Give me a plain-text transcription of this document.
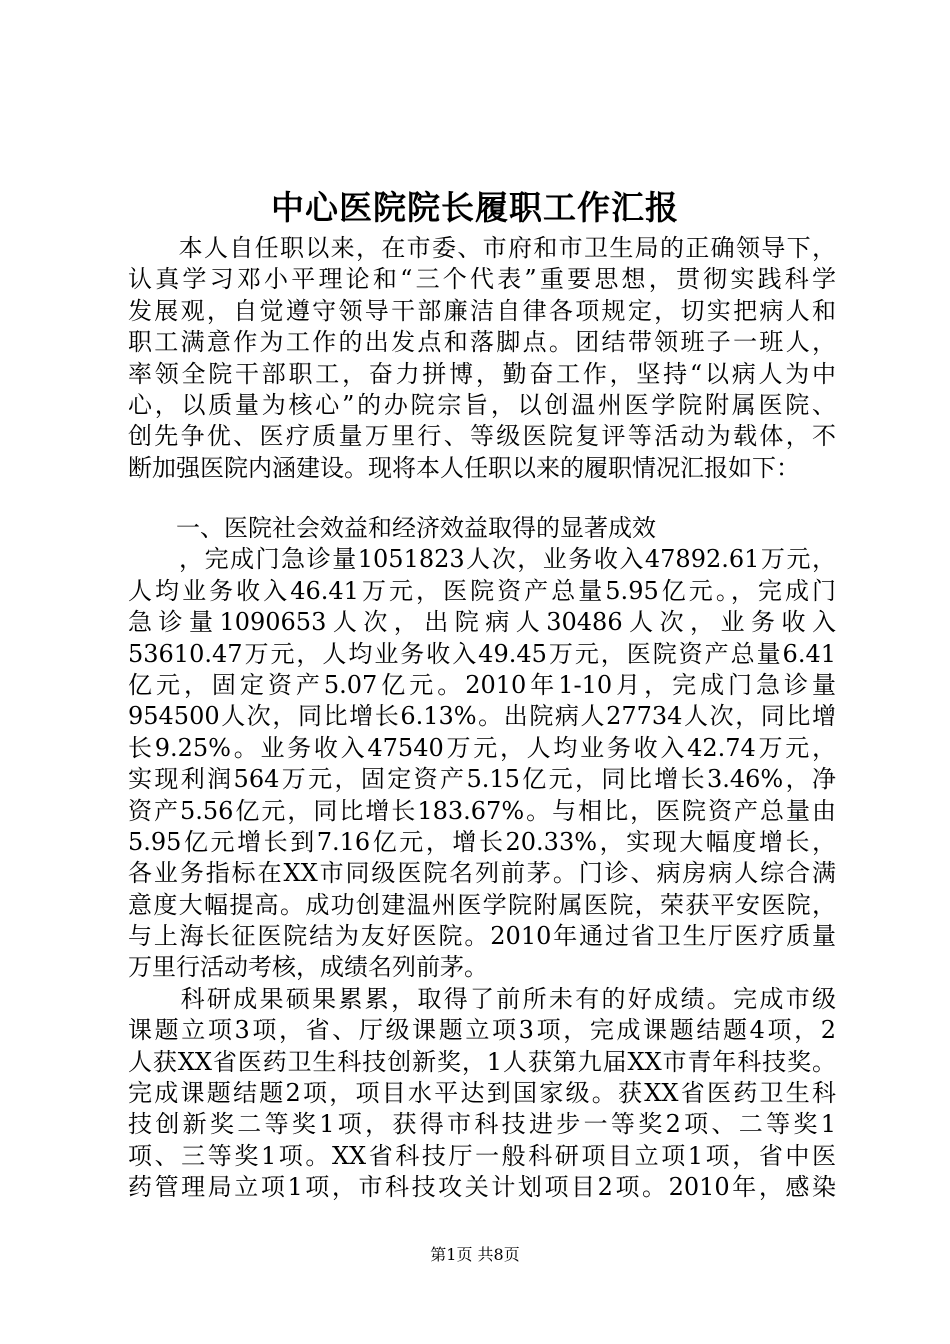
中心医院院长履职工作汇报
　　本人自任职以来，在市委、市府和市卫生局的正确领导下，
认真学习邓小平理论和“三个代表”重要思想，贯彻实践科学
发展观，自觉遵守领导干部廉洁自律各项规定，切实把病人和
职工满意作为工作的出发点和落脚点。团结带领班子一班人，
率领全院干部职工，奋力拼博，勤奋工作，坚持“以病人为中
心，以质量为核心”的办院宗旨，以创温州医学院附属医院、
创先争优、医疗质量万里行、等级医院复评等活动为载体，不
断加强医院内涵建设。现将本人任职以来的履职情况汇报如下：
　　一、医院社会效益和经济效益取得的显著成效
　　，完成门急诊量1051823人次，业务收入47892.61万元，
人均业务收入46.41万元，医院资产总量5.95亿元。，完成门
急诊量1090653人次，出院病人30486人次，业务收入
53610.47万元，人均业务收入49.45万元，医院资产总量6.41
亿元，固定资产5.07亿元。2010年1-10月，完成门急诊量
954500人次，同比增长6.13%。出院病人27734人次，同比增
长9.25%。业务收入47540万元，人均业务收入42.74万元，
实现利润564万元，固定资产5.15亿元，同比增长3.46%，净
资产5.56亿元，同比增长183.67%。与相比，医院资产总量由
5.95亿元增长到7.16亿元，增长20.33%，实现大幅度增长，
各业务指标在XX市同级医院名列前茅。门诊、病房病人综合满
意度大幅提高。成功创建温州医学院附属医院，荣获平安医院，
与上海长征医院结为友好医院。2010年通过省卫生厅医疗质量
万里行活动考核，成绩名列前茅。
　　科研成果硕果累累，取得了前所未有的好成绩。完成市级
课题立项3项，省、厅级课题立项3项，完成课题结题4项，2
人获XX省医药卫生科技创新奖，1人获第九届XX市青年科技奖。
完成课题结题2项，项目水平达到国家级。获XX省医药卫生科
技创新奖二等奖1项，获得市科技进步一等奖2项、二等奖1
项、三等奖1项。XX省科技厅一般科研项目立项1项，省中医
药管理局立项1项，市科技攻关计划项目2项。2010年，感染
第1页 共8页
